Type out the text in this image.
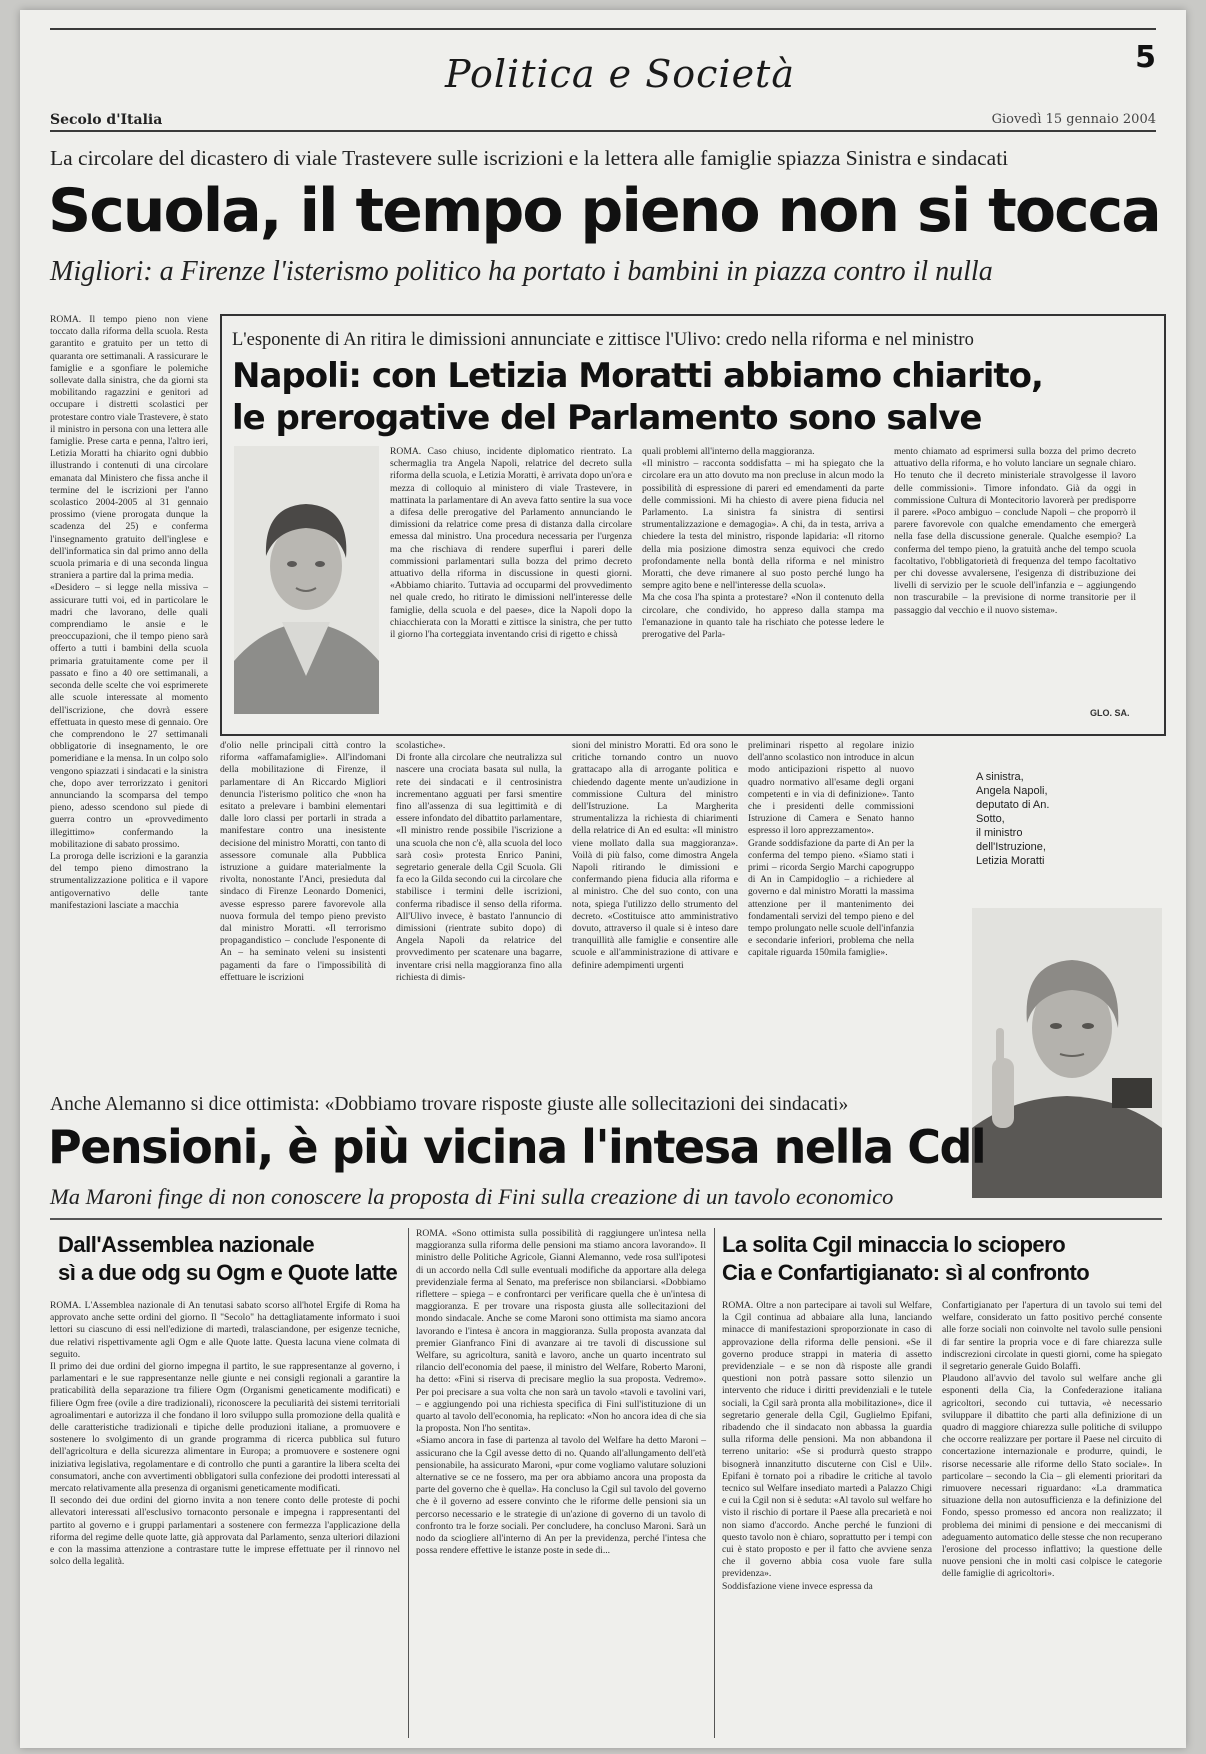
Politica e Società	5
Secolo d'Italia	Giovedì 15 gennaio 2004
La circolare del dicastero di viale Trastevere sulle iscrizioni e la lettera alle famiglie spiazza Sinistra e sindacati
Scuola, il tempo pieno non si tocca
Migliori: a Firenze l'isterismo politico ha portato i bambini in piazza contro il nulla
ROMA. Il tempo pieno non viene toccato dalla riforma della scuola. Resta garantito e gratuito per un tetto di quaranta ore settimanali. A rassicurare le famiglie e a sgonfiare le polemiche sollevate dalla sinistra, che da giorni sta mobilitando ragazzini e genitori ad occupare i distretti scolastici per protestare contro viale Trastevere, è stato il ministro in persona con una lettera alle famiglie. Prese carta e penna, l'altro ieri, Letizia Moratti ha chiarito ogni dubbio illustrando i contenuti di una circolare emanata dal Ministero che fissa anche il termine del le iscrizioni per l'anno scolastico 2004-2005 al 31 gennaio prossimo (viene prorogata dunque la scadenza del 25) e conferma l'insegnamento gratuito dell'inglese e dell'informatica sin dal primo anno della scuola primaria e di una seconda lingua straniera a partire dal la prima media.
«Desidero – si legge nella missiva – assicurare tutti voi, ed in particolare le madri che lavorano, delle quali comprendiamo le ansie e le preoccupazioni, che il tempo pieno sarà offerto a tutti i bambini della scuola primaria gratuitamente come per il passato e fino a 40 ore settimanali, a seconda delle scelte che voi esprimerete alle scuole interessate al momento dell'iscrizione, che dovrà essere effettuata in questo mese di gennaio. Ore che comprendono le 27 settimanali obbligatorie di insegnamento, le ore pomeridiane e la mensa. In un colpo solo vengono spiazzati i sindacati e la sinistra che, dopo aver terrorizzato i genitori annunciando la scomparsa del tempo pieno, adesso scendono sul piede di guerra contro un «provvedimento illegittimo» confermando la mobilitazione di sabato prossimo.
La proroga delle iscrizioni e la garanzia del tempo pieno dimostrano la strumentalizzazione politica e il vapore antigovernativo delle tante manifestazioni lasciate a macchia
L'esponente di An ritira le dimissioni annunciate e zittisce l'Ulivo: credo nella riforma e nel ministro
Napoli: con Letizia Moratti abbiamo chiarito,
le prerogative del Parlamento sono salve
ROMA. Caso chiuso, incidente diplomatico rientrato. La schermaglia tra Angela Napoli, relatrice del decreto sulla riforma della scuola, e Letizia Moratti, è arrivata dopo un'ora e mezza di colloquio al ministero di viale Trastevere, in mattinata la parlamentare di An aveva fatto sentire la sua voce a difesa delle prerogative del Parlamento annunciando le dimissioni da relatrice come presa di distanza dalla circolare emessa dal ministro. Una procedura necessaria per l'urgenza ma che rischiava di rendere superflui i pareri delle commissioni parlamentari sulla bozza del primo decreto attuativo della riforma in discussione in questi giorni. «Abbiamo chiarito. Tuttavia ad occuparmi del provvedimento nel quale credo, ho ritirato le dimissioni nell'interesse delle famiglie, della scuola e del paese», dice la Napoli dopo la chiacchierata con la Moratti e zittisce la sinistra, che per tutto il giorno l'ha corteggiata inventando crisi di rigetto e chissà
quali problemi all'interno della maggioranza.
«Il ministro – racconta soddisfatta – mi ha spiegato che la circolare era un atto dovuto ma non precluse in alcun modo la possibilità di espressione di pareri ed emendamenti da parte delle commissioni. Mi ha chiesto di avere piena fiducia nel Parlamento. La sinistra fa sinistra di sentirsi strumentalizzazione e demagogia». A chi, da in testa, arriva a chiedere la testa del ministro, risponde lapidaria: «Il ritorno della mia posizione dimostra senza equivoci che credo profondamente nella bontà della riforma e nel ministro Moratti, che deve rimanere al suo posto perché lungo ha sempre agito bene e nell'interesse della scuola».
Ma che cosa l'ha spinta a protestare? «Non il contenuto della circolare, che condivido, ho appreso dalla stampa ma l'emanazione in quanto tale ha rischiato che potesse ledere le prerogative del Parla-
mento chiamato ad esprimersi sulla bozza del primo decreto attuativo della riforma, e ho voluto lanciare un segnale chiaro. Ho tenuto che il decreto ministeriale stravolgesse il lavoro delle commissioni». Timore infondato. Già da oggi in commissione Cultura di Montecitorio lavorerà per predisporre il parere. «Poco ambiguo – conclude Napoli – che proporrò il parere favorevole con qualche emendamento che emergerà nella fase della discussione generale. Qualche esempio? La conferma del tempo pieno, la gratuità anche del tempo scuola facoltativo, l'obbligatorietà di frequenza del tempo facoltativo per chi dovesse avvalersene, l'esigenza di distribuzione dei livelli di servizio per le scuole dell'infanzia e – aggiungendo non trascurabile – la previsione di norme transitorie per il passaggio dal vecchio e il nuovo sistema».
GLO. SA.
d'olio nelle principali città contro la riforma «affamafamiglie». All'indomani della mobilitazione di Firenze, il parlamentare di An Riccardo Migliori denuncia l'isterismo politico che «non ha esitato a prelevare i bambini elementari dalle loro classi per portarli in strada a manifestare contro una inesistente decisione del ministro Moratti, con tanto di assessore comunale alla Pubblica istruzione a guidare materialmente la rivolta, nonostante l'Anci, presieduta dal sindaco di Firenze Leonardo Domenici, avesse espresso parere favorevole alla nuova formula del tempo pieno previsto dal ministro Moratti. «Il terrorismo propagandistico – conclude l'esponente di An – ha seminato veleni su insistenti pagamenti da fare o l'impossibilità di effettuare le iscrizioni
scolastiche».
Di fronte alla circolare che neutralizza sul nascere una crociata basata sul nulla, la rete dei sindacati e il centrosinistra incrementano agguati per farsi smentire fino all'assenza di sua legittimità e di essere infondato del dibattito parlamentare, «Il ministro rende possibile l'iscrizione a una scuola che non c'è, alla scuola del loco sarà così» protesta Enrico Panini, segretario generale della Cgil Scuola. Gli fa eco la Gilda secondo cui la circolare che stabilisce i termini delle iscrizioni, conferma ribadisce il senso della riforma. All'Ulivo invece, è bastato l'annuncio di dimissioni (rientrate subito dopo) di Angela Napoli da relatrice del provvedimento per scatenare una bagarre, inventare crisi nella maggioranza fino alla richiesta di dimis-
sioni del ministro Moratti. Ed ora sono le critiche tornando contro un nuovo grattacapo alla di arrogante politica e chiedendo dagente mente un'audizione in commissione Cultura del ministro dell'Istruzione. La Margherita strumentalizza la richiesta di chiarimenti della relatrice di An ed esulta: «Il ministro viene mollato dalla sua maggioranza». Voilà di più falso, come dimostra Angela Napoli ritirando le dimissioni e confermando piena fiducia alla riforma e al ministro. Che del suo conto, con una nota, spiega l'utilizzo dello strumento del decreto. «Costituisce atto amministrativo dovuto, attraverso il quale si è inteso dare tranquillità alle famiglie e consentire alle scuole e all'amministrazione di attivare e definire adempimenti urgenti
preliminari rispetto al regolare inizio dell'anno scolastico non introduce in alcun modo anticipazioni rispetto al nuovo quadro normativo all'esame degli organi competenti e in via di definizione». Tanto che i presidenti delle commissioni Istruzione di Camera e Senato hanno espresso il loro apprezzamento».
Grande soddisfazione da parte di An per la conferma del tempo pieno. «Siamo stati i primi – ricorda Sergio Marchi capogruppo di An in Campidoglio – a richiedere al governo e dal ministro Moratti la massima attenzione per il mantenimento dei fondamentali servizi del tempo pieno e del tempo prolungato nelle scuole dell'infanzia e secondarie inferiori, problema che nella capitale riguarda 150mila famiglie».
A sinistra,
Angela Napoli,
deputato di An.
Sotto,
il ministro
dell'Istruzione,
Letizia Moratti
Anche Alemanno si dice ottimista: «Dobbiamo trovare risposte giuste alle sollecitazioni dei sindacati»
Pensioni, è più vicina l'intesa nella Cdl
Ma Maroni finge di non conoscere la proposta di Fini sulla creazione di un tavolo economico
Dall'Assemblea nazionale
sì a due odg su Ogm e Quote latte
ROMA. L'Assemblea nazionale di An tenutasi sabato scorso all'hotel Ergife di Roma ha approvato anche sette ordini del giorno. Il "Secolo" ha dettagliatamente informato i suoi lettori su ciascuno di essi nell'edizione di martedì, tralasciandone, per esigenze tecniche, due relativi rispettivamente agli Ogm e alle Quote latte. Questa lacuna viene colmata di seguito.
Il primo dei due ordini del giorno impegna il partito, le sue rappresentanze al governo, i parlamentari e le sue rappresentanze nelle giunte e nei consigli regionali a garantire la praticabilità della separazione tra filiere Ogm (Organismi geneticamente modificati) e filiere Ogm free (ovile a dire tradizionali), riconoscere la peculiarità dei sistemi territoriali agroalimentari e autorizza il che fondano il loro sviluppo sulla promozione della qualità e delle caratteristiche tradizionali e tipiche delle produzioni italiane, a promuovere e sostenere lo svolgimento di un grande programma di ricerca pubblica sul futuro dell'agricoltura e della sicurezza alimentare in Europa; a promuovere e sostenere ogni iniziativa legislativa, regolamentare e di controllo che punti a garantire la libera scelta dei consumatori, anche con avvertimenti obbligatori sulla confezione dei prodotti interessati al mercato relativamente alla presenza di organismi geneticamente modificati.
Il secondo dei due ordini del giorno invita a non tenere conto delle proteste di pochi allevatori interessati all'esclusivo tornaconto personale e impegna i rappresentanti del partito al governo e i gruppi parlamentari a sostenere con fermezza l'applicazione della riforma del regime delle quote latte, già approvata dal Parlamento, senza ulteriori dilazioni e con la massima attenzione a contrastare tutte le imprese effettuate per il rinnovo nel solco della legalità.
ROMA. «Sono ottimista sulla possibilità di raggiungere un'intesa nella maggioranza sulla riforma delle pensioni ma stiamo ancora lavorando». Il ministro delle Politiche Agricole, Gianni Alemanno, vede rosa sull'ipotesi di un accordo nella Cdl sulle eventuali modifiche da apportare alla delega previdenziale ferma al Senato, ma preferisce non sbilanciarsi. «Dobbiamo riflettere – spiega – e confrontarci per verificare quella che è un'intesa di maggioranza. E per trovare una risposta giusta alle sollecitazioni del mondo sindacale. Anche se come Maroni sono ottimista ma siamo ancora lavorando e l'intesa è ancora in maggioranza. Sulla proposta avanzata dal premier Gianfranco Fini di avanzare ai tre tavoli di discussione sul Welfare, su agricoltura, sanità e lavoro, anche un quarto incentrato sul rilancio dell'economia del paese, il ministro del Welfare, Roberto Maroni, ha detto: «Fini si riserva di precisare meglio la sua proposta. Vedremo». Per poi precisare a sua volta che non sarà un tavolo «tavoli e tavolini vari, – e aggiungendo poi una richiesta specifica di Fini sull'istituzione di un quarto al tavolo dell'economia, ha replicato: «Non ho ancora idea di che sia la proposta. Non l'ho sentita».
«Siamo ancora in fase di partenza al tavolo del Welfare ha detto Maroni – assicurano che la Cgil avesse detto di no. Quando all'allungamento dell'età pensionabile, ha assicurato Maroni, «pur come vogliamo valutare soluzioni alternative se ce ne fossero, ma per ora abbiamo ancora una proposta da parte del governo che è quella». Ha concluso la Cgil sul tavolo del governo che è il governo ad essere convinto che le riforme delle pensioni sia un percorso necessario e le strategie di un'azione di governo di un tavolo di confronto tra le forze sociali. Per concludere, ha concluso Maroni. Sarà un nodo da sciogliere all'interno di An per la previdenza, perché l'intesa che possa rendere effettive le istanze poste in sede di...
La solita Cgil minaccia lo sciopero
Cia e Confartigianato: sì al confronto
ROMA. Oltre a non partecipare ai tavoli sul Welfare, la Cgil continua ad abbaiare alla luna, lanciando minacce di manifestazioni sproporzionate in caso di approvazione della riforma delle pensioni. «Se il governo produce strappi in materia di assetto previdenziale – e se non dà risposte alle grandi questioni non potrà passare sotto silenzio un intervento che riduce i diritti previdenziali e le tutele sociali, la Cgil sarà pronta alla mobilitazione», dice il segretario generale della Cgil, Guglielmo Epifani, ribadendo che il sindacato non abbassa la guardia sulla riforma delle pensioni. Ma non abbandona il terreno unitario: «Se si produrrà questo strappo bisognerà innanzitutto discuterne con Cisl e Uil». Epifani è tornato poi a ribadire le critiche al tavolo tecnico sul Welfare insediato martedì a Palazzo Chigi e cui la Cgil non si è seduta: «Al tavolo sul welfare ho visto il rischio di portare il Paese alla precarietà e noi non siamo d'accordo. Anche perché le funzioni di questo tavolo non è chiaro, soprattutto per i tempi con cui è stato proposto e per il fatto che avviene senza che il governo abbia cosa vuole fare sulla previdenza».
Soddisfazione viene invece espressa da
Confartigianato per l'apertura di un tavolo sui temi del welfare, considerato un fatto positivo perché consente alle forze sociali non coinvolte nel tavolo sulle pensioni di far sentire la propria voce e di fare chiarezza sulle indiscrezioni circolate in questi giorni, come ha spiegato il segretario generale Guido Bolaffi.
Plaudono all'avvio del tavolo sul welfare anche gli esponenti della Cia, la Confederazione italiana agricoltori, secondo cui tuttavia, «è necessario sviluppare il dibattito che parti alla definizione di un quadro di maggiore chiarezza sulle politiche di sviluppo che occorre realizzare per portare il Paese nel circuito di concertazione internazionale e produrre, quindi, le risorse necessarie alle riforme dello Stato sociale». In particolare – secondo la Cia – gli elementi prioritari da rimuovere necessari riguardano: «La drammatica situazione della non autosufficienza e la definizione del Fondo, spesso promesso ed ancora non realizzato; il problema dei minimi di pensione e dei meccanismi di adeguamento automatico delle stesse che non recuperano l'erosione del processo inflattivo; la questione delle nuove pensioni che in molti casi colpisce le categorie delle famiglie di agricoltori».
